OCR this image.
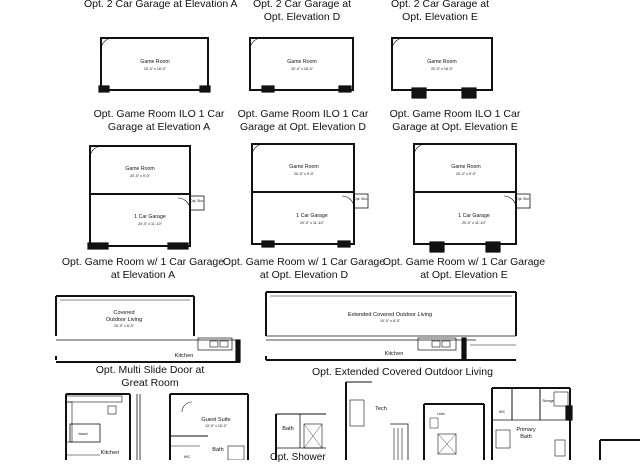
Opt. 2 Car Garage at Elevation A Opt. 2 Car Garage at
Opt. Elevation D
Opt. 2 Car Garage at
Opt. Elevation E
Opt. Game Room ILO 1 Car
Garage at Elevation A
Opt. Game Room ILO 1 Car
Garage at Opt. Elevation D
Opt. Game Room ILO 1 Car
Garage at Opt. Elevation E
Opt. Game Room w/ 1 Car Garage
at Elevation A
Opt. Game Room w/ 1 Car Garage
at Opt. Elevation D
Opt. Game Room w/ 1 Car Garage
at Opt. Elevation E
Opt. Multi Slide Door at
Great Room
Opt. Extended Covered Outdoor Living
Opt. Shower
Game Room
20'-0" x 18'-0"
Game Room
20'-0" x 18'-0"
Game Room
20'-0" x 18'-0"
Game Room
20'-0" x 9'-0"
1 Car Garage
20'-0" x 11'-10"
Opt. Stor.
Game Room
20'-0" x 9'-0"
1 Car Garage
20'-0" x 11'-10"
Opt. Stor.
Game Room
20'-0" x 9'-0"
1 Car Garage
20'-0" x 11'-10"
Opt. Stor.
Covered
Outdoor Living
20'-0" x 8'-0"
Kitchen
Extended Covered Outdoor Living
10'-0" x 8'-0"
Kitchen
Island
Kitchen
Guest Suite
13'-0" x 16'-0"
Bath
WIC
Bath
Tech
Linen	WIC
Storage
Primary
Bath
